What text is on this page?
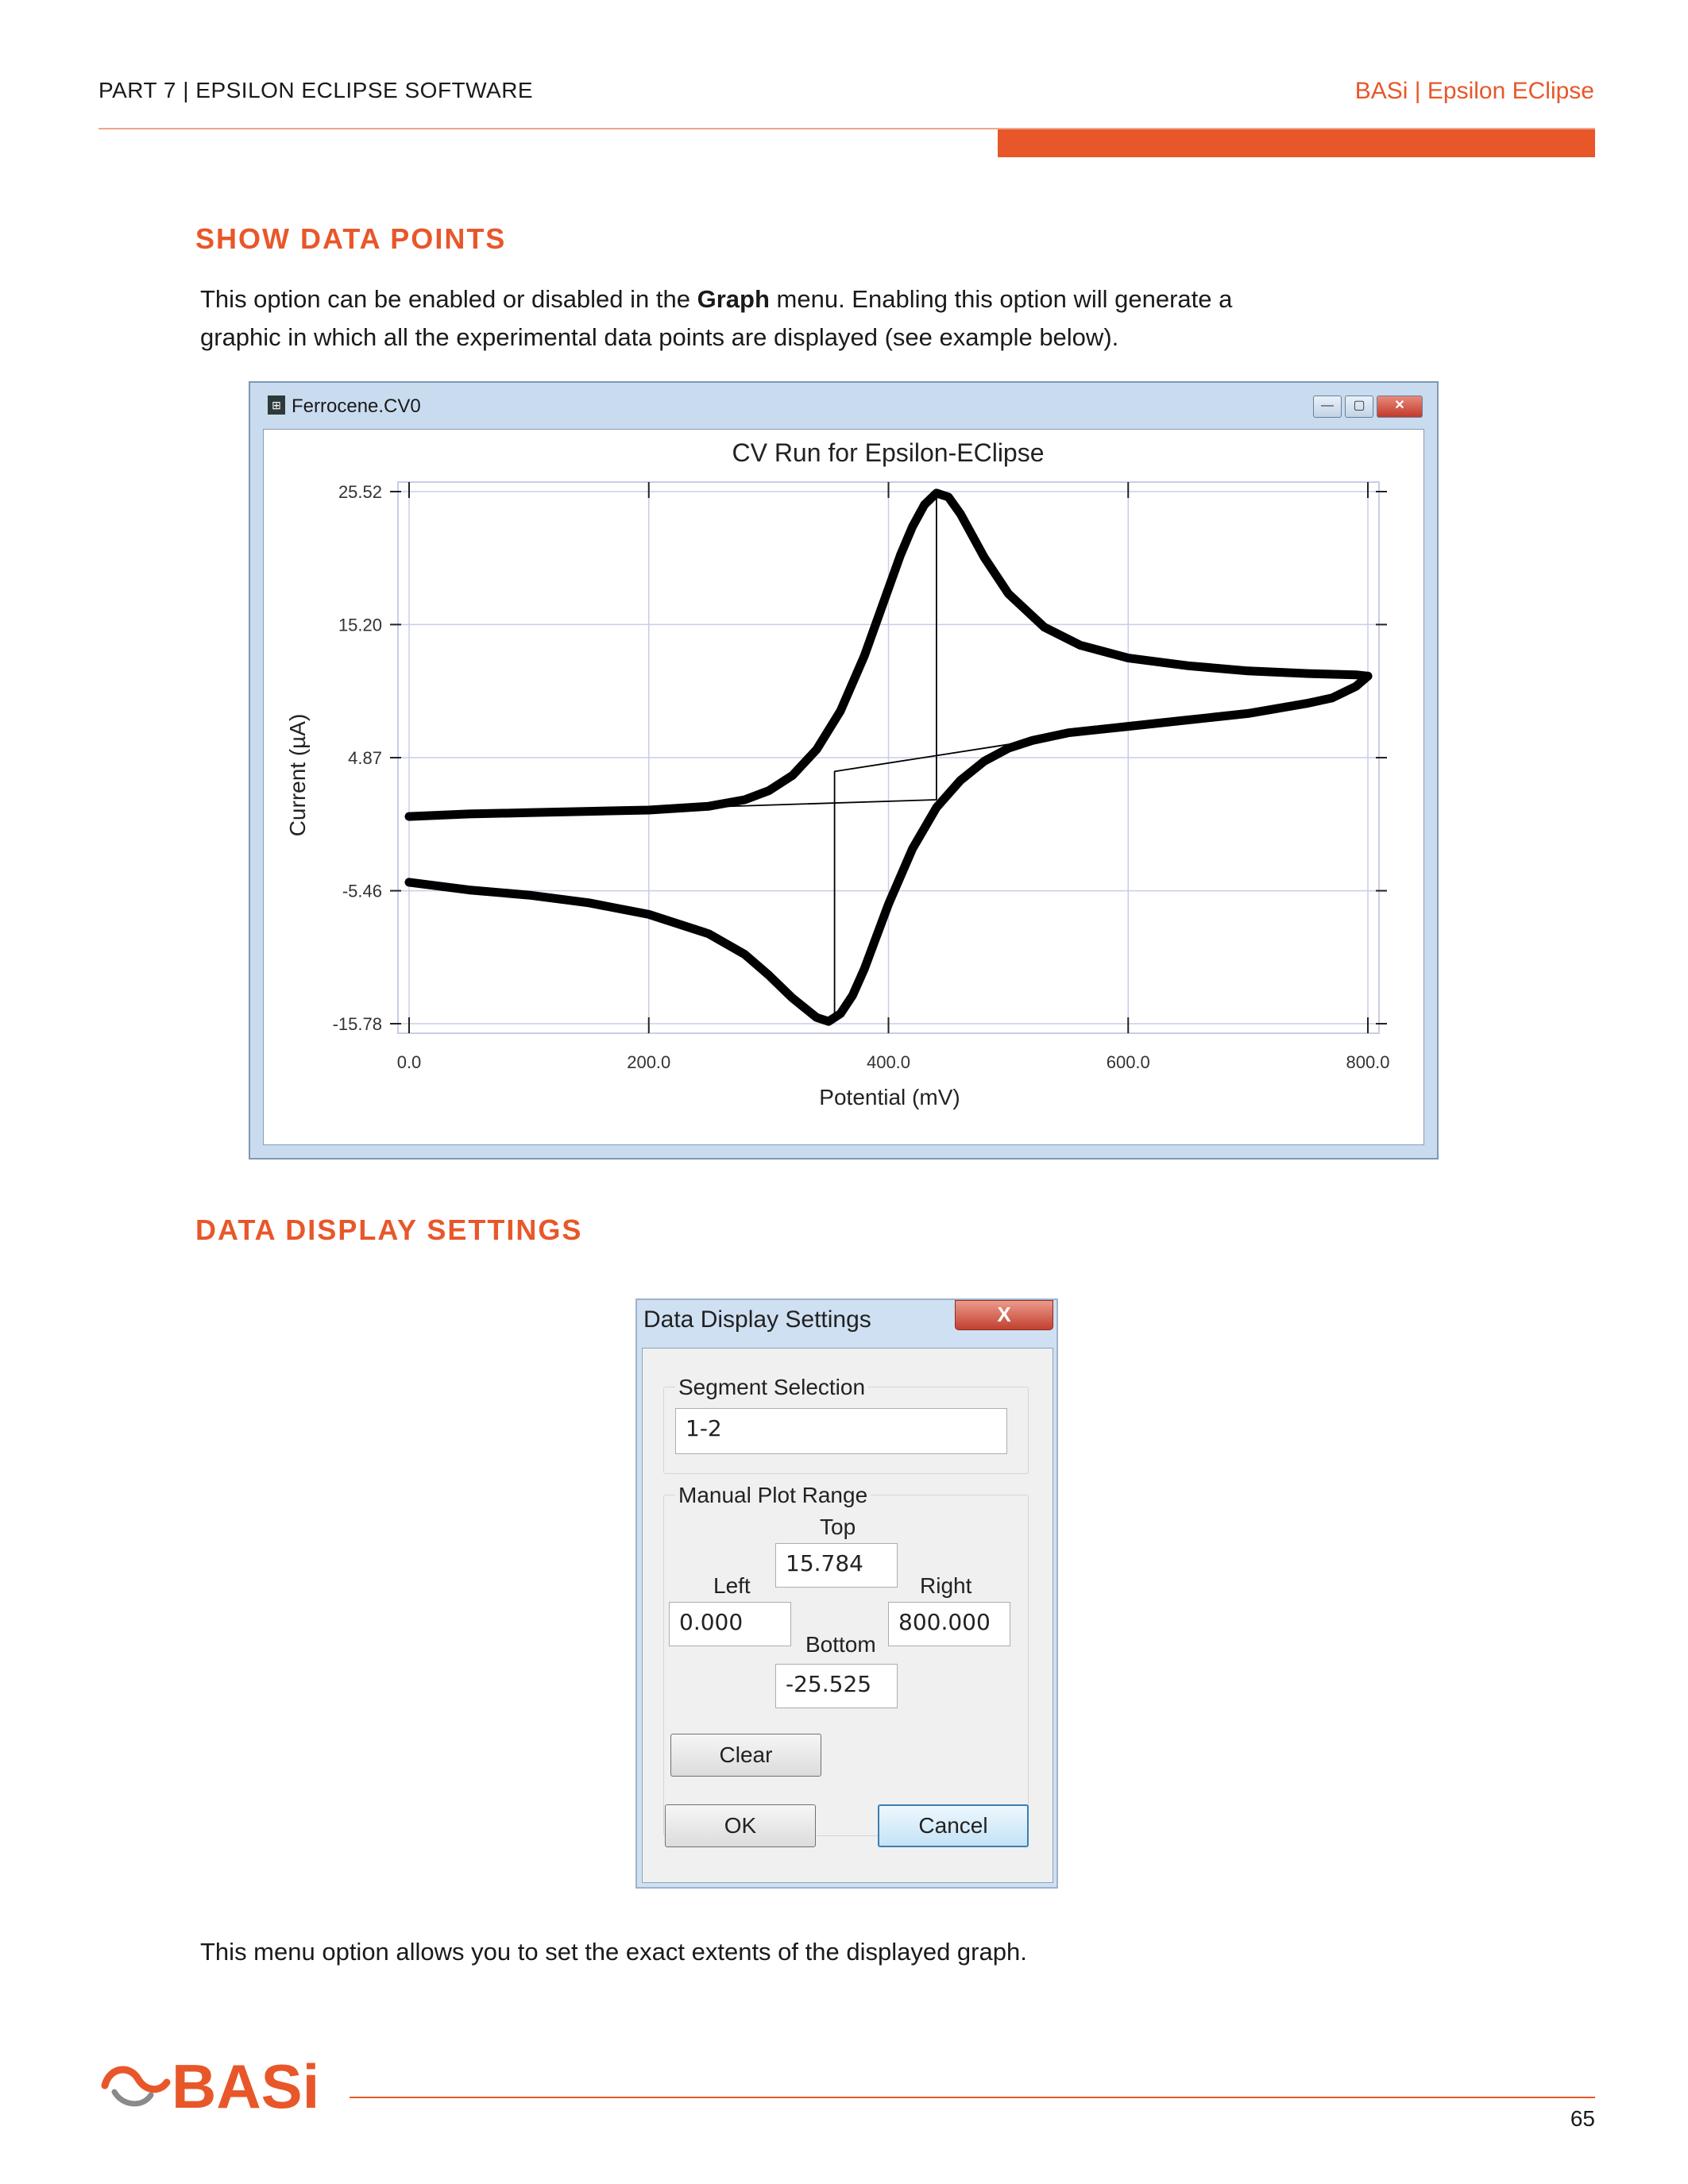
PART 7 | EPSILON ECLIPSE SOFTWARE	BASi | Epsilon EClipse
SHOW DATA POINTS
This option can be enabled or disabled in the Graph menu. Enabling this option will generate a
graphic in which all the experimental data points are displayed (see example below).
⊞ Ferrocene.CV0	—	▢	✕
CV Run for Epsilon-EClipse
Current (µA)
Potential (mV)
0.0	200.0	400.0	600.0	800.0
25.52
15.20
4.87
-5.46
-15.78
DATA DISPLAY SETTINGS
Data Display Settings	X
Segment Selection
1-2
Manual Plot Range
Top
15.784
Left	Right
0.000	800.000
Bottom
-25.525
Clear
OK	Cancel
This menu option allows you to set the exact extents of the displayed graph.
BASi	65
